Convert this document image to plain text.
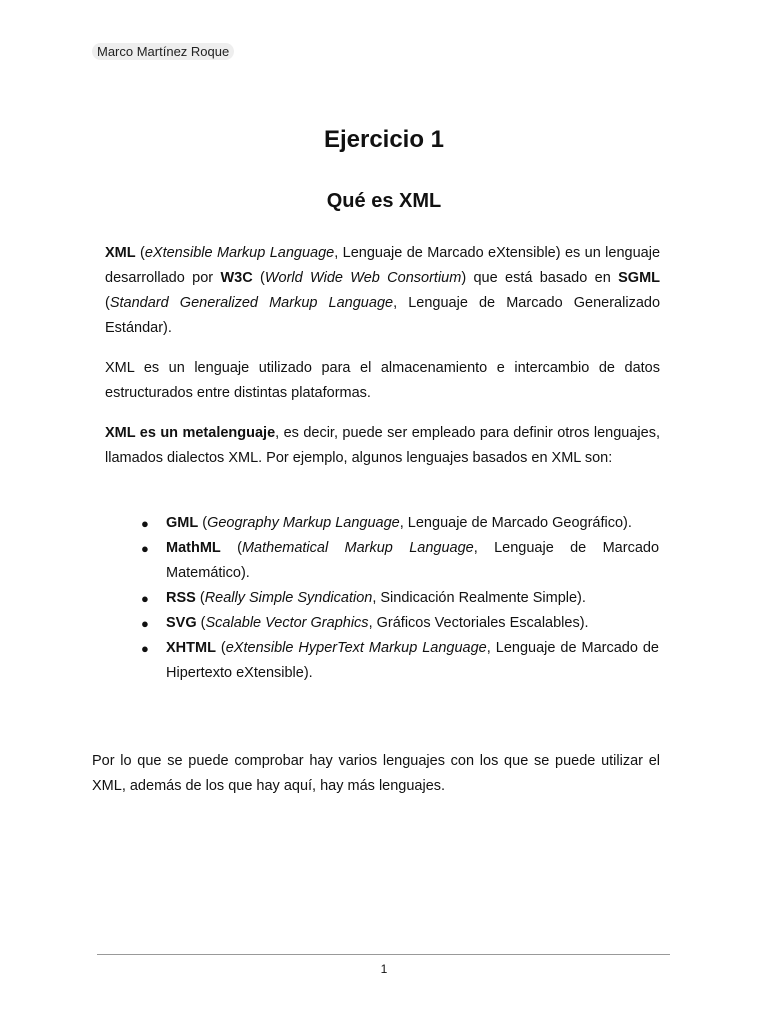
Marco Martínez Roque
Ejercicio 1
Qué es XML

XML (eXtensible Markup Language, Lenguaje de Marcado eXtensible) es un lenguaje desarrollado por W3C (World Wide Web Consortium) que está basado en SGML (Standard Generalized Markup Language, Lenguaje de Marcado Generalizado Estándar).

XML es un lenguaje utilizado para el almacenamiento e intercambio de datos estructurados entre distintas plataformas.

XML es un metalenguaje, es decir, puede ser empleado para definir otros lenguajes, llamados dialectos XML. Por ejemplo, algunos lenguajes basados en XML son:

● GML (Geography Markup Language, Lenguaje de Marcado Geográfico).
● MathML (Mathematical Markup Language, Lenguaje de Marcado Matemático).
● RSS (Really Simple Syndication, Sindicación Realmente Simple).
● SVG (Scalable Vector Graphics, Gráficos Vectoriales Escalables).
● XHTML (eXtensible HyperText Markup Language, Lenguaje de Marcado de Hipertexto eXtensible).

Por lo que se puede comprobar hay varios lenguajes con los que se puede utilizar el XML, además de los que hay aquí, hay más lenguajes.

1
